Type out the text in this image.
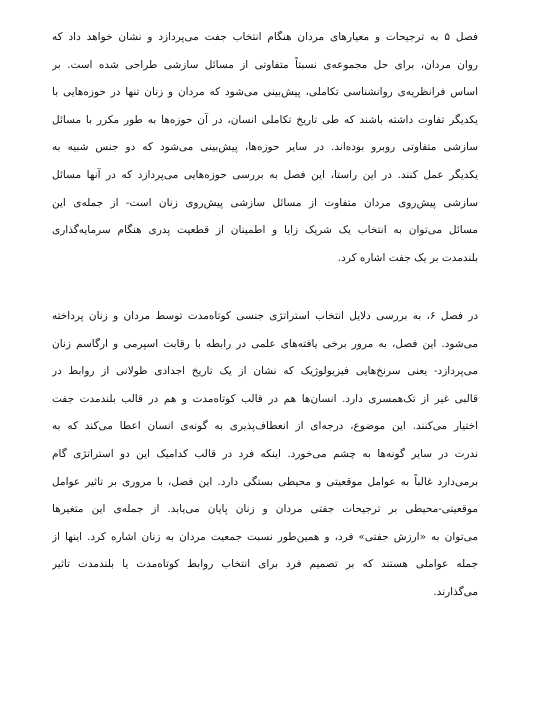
فصل ۵ به ترجیحات و معیارهای مردان هنگام انتخاب جفت می‌پردازد و نشان خواهد داد که
روان مردان، برای حل مجموعه‌ی نسبتاً متفاوتی از مسائل سازشی طراحی شده است. بر
اساس فرانظریه‌ی روانشناسی تکاملی، پیش‌بینی می‌شود که مردان و زنان تنها در حوزه‌هایی با
یکدیگر تفاوت داشته باشند که طی تاریخ تکاملی انسان، در آن حوزه‌ها به طور مکرر با مسائل
سازشی متفاوتی روبرو بوده‌اند. در سایر حوزه‌ها، پیش‌بینی می‌شود که دو جنس شبیه به
یکدیگر عمل کنند. در این راستا، این فصل به بررسی حوزه‌هایی می‌پردازد که در آنها مسائل
سازشی پیش‌روی مردان متفاوت از مسائل سازشی پیش‌روی زنان است- از جمله‌ی این
مسائل می‌توان به انتخاب یک شریک زایا و اطمینان از قطعیت پدری هنگام سرمایه‌گذاری
بلندمدت بر یک جفت اشاره کرد.
در فصل ۶، به بررسی دلایل انتخاب استراتژی جنسی کوتاه‌مدت توسط مردان و زنان پرداخته
می‌شود. این فصل، به مرور برخی یافته‌های علمی در رابطه با رقابت اسپرمی و ارگاسم زنان
می‌پردازد- یعنی سرنخ‌هایی فیزیولوژیک که نشان از یک تاریخ اجدادی طولانی از روابط در
قالبی غیر از تک‌همسری دارد. انسان‌ها هم در قالب کوتاه‌مدت و هم در قالب بلندمدت جفت
اختیار می‌کنند. این موضوع، درجه‌ای از انعطاف‌پذیری به گونه‌ی انسان اعطا می‌کند که به
ندرت در سایر گونه‌ها به چشم می‌خورد. اینکه فرد در قالب کدامیک این دو استراتژی گام
برمی‌دارد غالباً به عوامل موقعیتی و محیطی بستگی دارد. این فصل، با مروری بر تاثیر عوامل
موقعیتی-محیطی بر ترجیحات جفتی مردان و زنان پایان می‌یابد. از جمله‌ی این متغیرها
می‌توان به «ارزش جفتی» فرد، و همین‌طور نسبت جمعیت مردان به زنان اشاره کرد. اینها از
جمله عواملی هستند که بر تصمیم فرد برای انتخاب روابط کوتاه‌مدت یا بلندمدت تاثیر
می‌گذارند.
